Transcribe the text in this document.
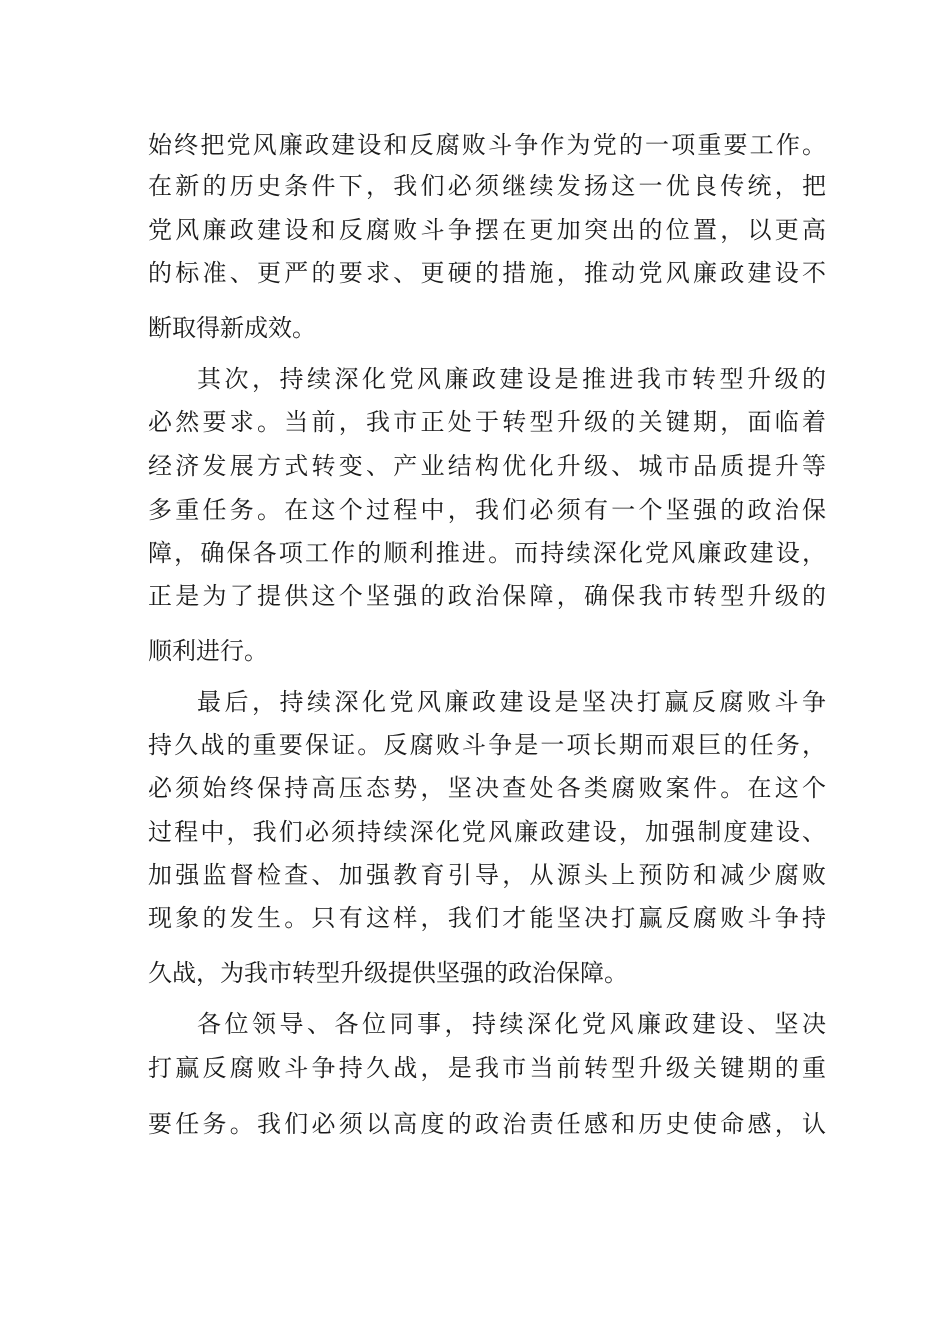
始终把党风廉政建设和反腐败斗争作为党的一项重要工作。
在新的历史条件下，我们必须继续发扬这一优良传统，把
党风廉政建设和反腐败斗争摆在更加突出的位置，以更高
的标准、更严的要求、更硬的措施，推动党风廉政建设不
断取得新成效。
其次，持续深化党风廉政建设是推进我市转型升级的
必然要求。当前，我市正处于转型升级的关键期，面临着
经济发展方式转变、产业结构优化升级、城市品质提升等
多重任务。在这个过程中，我们必须有一个坚强的政治保
障，确保各项工作的顺利推进。而持续深化党风廉政建设，
正是为了提供这个坚强的政治保障，确保我市转型升级的
顺利进行。
最后，持续深化党风廉政建设是坚决打赢反腐败斗争
持久战的重要保证。反腐败斗争是一项长期而艰巨的任务，
必须始终保持高压态势，坚决查处各类腐败案件。在这个
过程中，我们必须持续深化党风廉政建设，加强制度建设、
加强监督检查、加强教育引导，从源头上预防和减少腐败
现象的发生。只有这样，我们才能坚决打赢反腐败斗争持
久战，为我市转型升级提供坚强的政治保障。
各位领导、各位同事，持续深化党风廉政建设、坚决
打赢反腐败斗争持久战，是我市当前转型升级关键期的重
要任务。我们必须以高度的政治责任感和历史使命感，认
